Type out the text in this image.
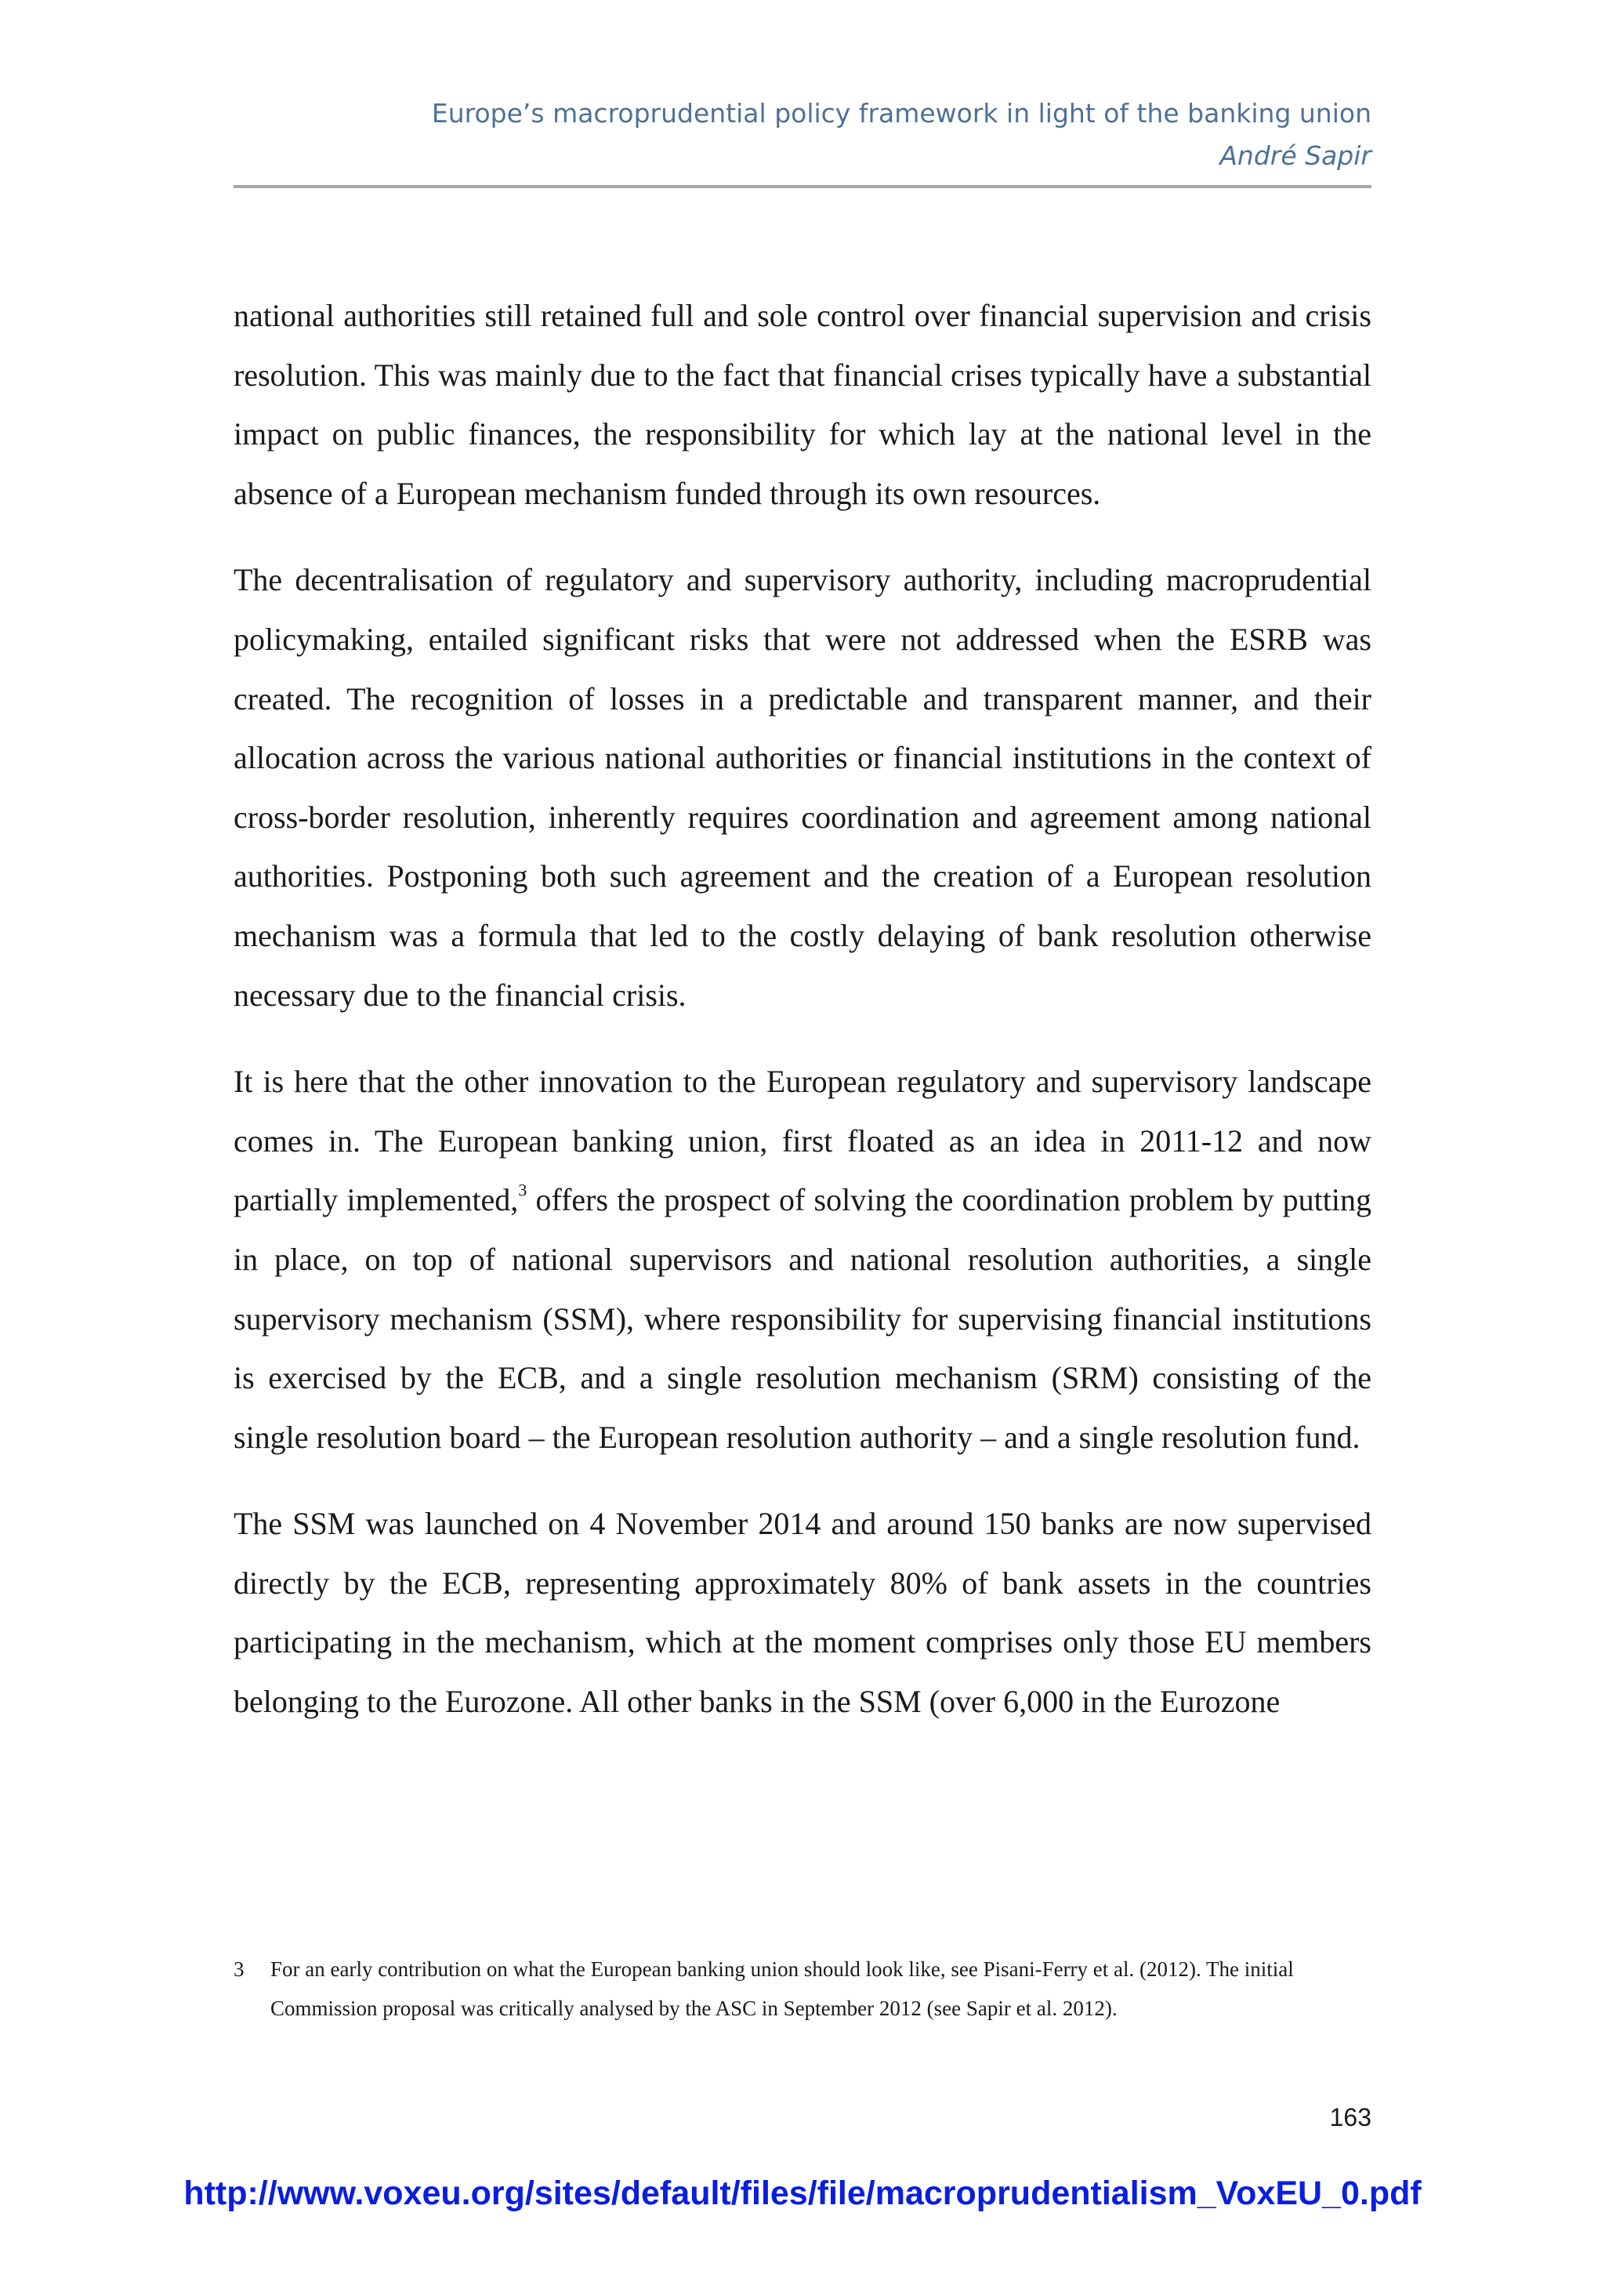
Europe’s macroprudential policy framework in light of the banking union
André Sapir

national authorities still retained full and sole control over financial supervision and crisis resolution. This was mainly due to the fact that financial crises typically have a substantial impact on public finances, the responsibility for which lay at the national level in the absence of a European mechanism funded through its own resources.

The decentralisation of regulatory and supervisory authority, including macroprudential policymaking, entailed significant risks that were not addressed when the ESRB was created. The recognition of losses in a predictable and transparent manner, and their allocation across the various national authorities or financial institutions in the context of cross-border resolution, inherently requires coordination and agreement among national authorities. Postponing both such agreement and the creation of a European resolution mechanism was a formula that led to the costly delaying of bank resolution otherwise necessary due to the financial crisis.

It is here that the other innovation to the European regulatory and supervisory landscape comes in. The European banking union, first floated as an idea in 2011-12 and now partially implemented,$^3$ offers the prospect of solving the coordination problem by putting in place, on top of national supervisors and national resolution authorities, a single supervisory mechanism (SSM), where responsibility for supervising financial institutions is exercised by the ECB, and a single resolution mechanism (SRM) consisting of the single resolution board – the European resolution authority – and a single resolution fund.

The SSM was launched on 4 November 2014 and around 150 banks are now supervised directly by the ECB, representing approximately 80% of bank assets in the countries participating in the mechanism, which at the moment comprises only those EU members belonging to the Eurozone. All other banks in the SSM (over 6,000 in the Eurozone

3	For an early contribution on what the European banking union should look like, see Pisani-Ferry et al. (2012). The initial Commission proposal was critically analysed by the ASC in September 2012 (see Sapir et al. 2012).
163
http://www.voxeu.org/sites/default/files/file/macroprudentialism_VoxEU_0.pdf
